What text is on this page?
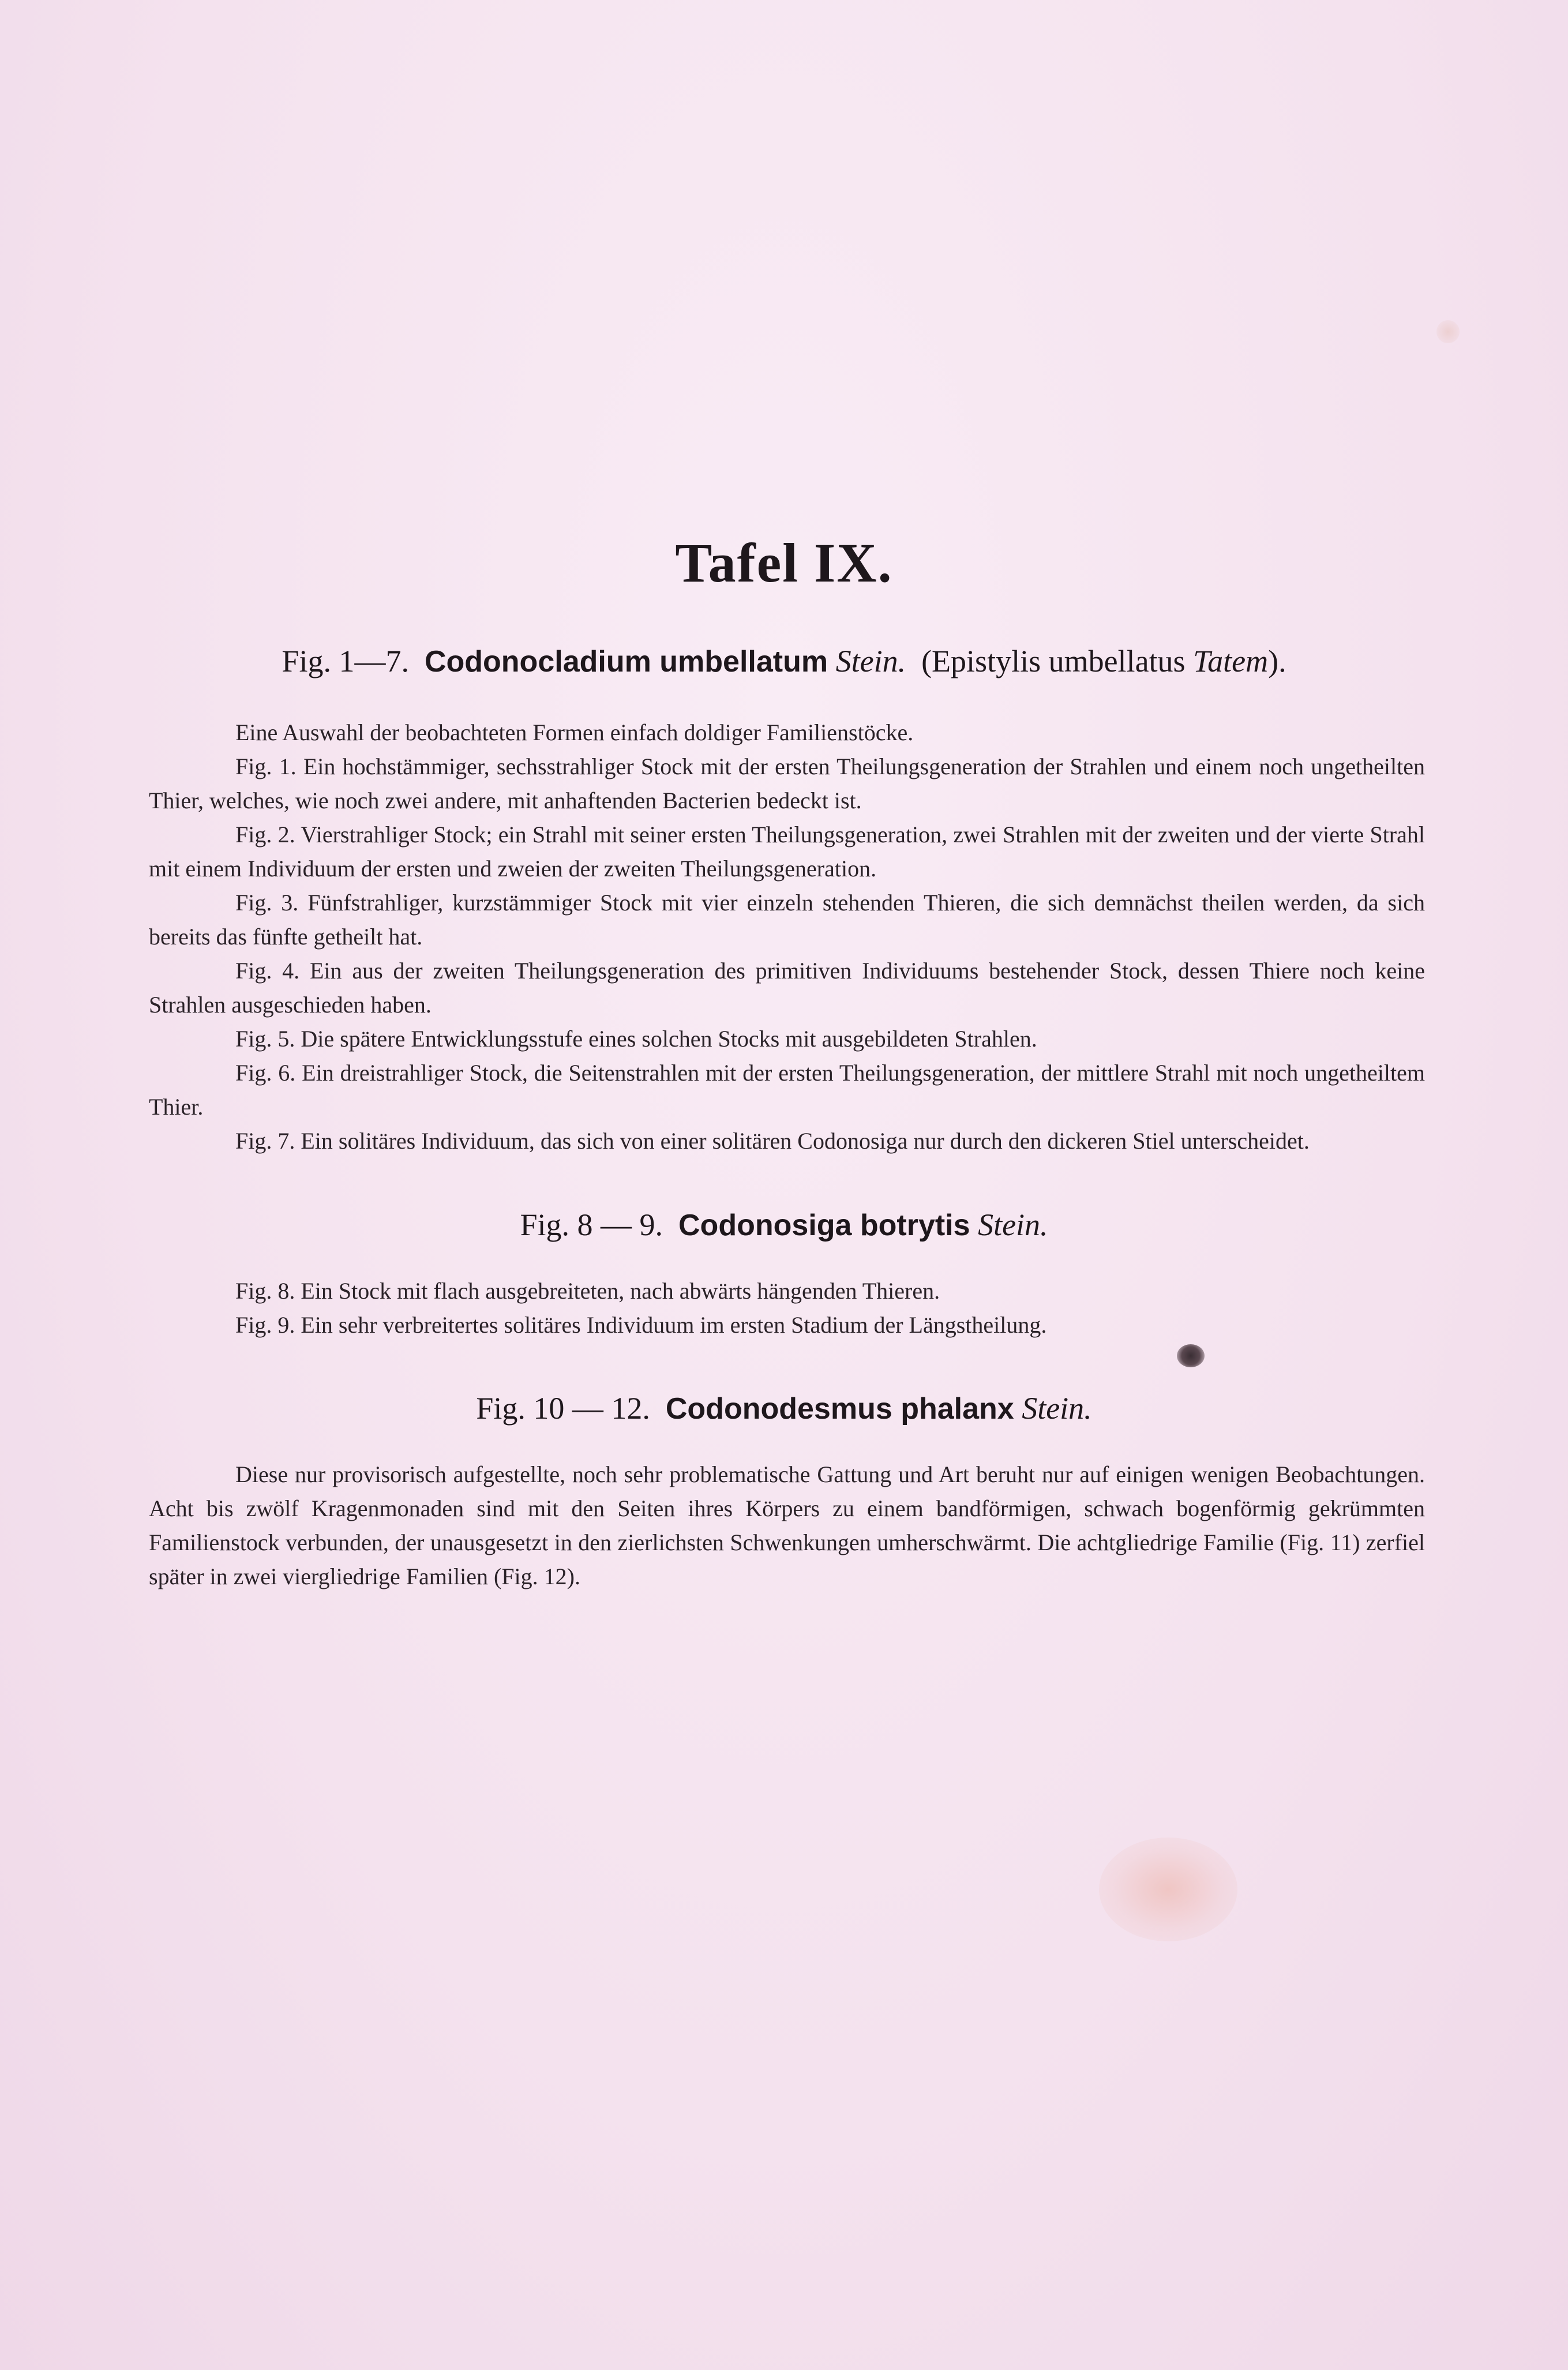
Tafel IX.
Fig. 1—7. Codonocladium umbellatum Stein. (Epistylis umbellatus Tatem).

Eine Auswahl der beobachteten Formen einfach doldiger Familienstöcke.

Fig. 1. Ein hochstämmiger, sechsstrahliger Stock mit der ersten Theilungsgeneration der Strahlen und einem noch ungetheilten Thier, welches, wie noch zwei andere, mit anhaftenden Bacterien bedeckt ist.

Fig. 2. Vierstrahliger Stock; ein Strahl mit seiner ersten Theilungsgeneration, zwei Strahlen mit der zweiten und der vierte Strahl mit einem Individuum der ersten und zweien der zweiten Theilungsgeneration.

Fig. 3. Fünfstrahliger, kurzstämmiger Stock mit vier einzeln stehenden Thieren, die sich demnächst theilen werden, da sich bereits das fünfte getheilt hat.

Fig. 4. Ein aus der zweiten Theilungsgeneration des primitiven Individuums bestehender Stock, dessen Thiere noch keine Strahlen ausgeschieden haben.

Fig. 5. Die spätere Entwicklungsstufe eines solchen Stocks mit ausgebildeten Strahlen.

Fig. 6. Ein dreistrahliger Stock, die Seitenstrahlen mit der ersten Theilungsgeneration, der mittlere Strahl mit noch ungetheiltem Thier.

Fig. 7. Ein solitäres Individuum, das sich von einer solitären Codonosiga nur durch den dickeren Stiel unterscheidet.

Fig. 8 — 9. Codonosiga botrytis Stein.

Fig. 8. Ein Stock mit flach ausgebreiteten, nach abwärts hängenden Thieren.

Fig. 9. Ein sehr verbreitertes solitäres Individuum im ersten Stadium der Längstheilung.

Fig. 10 — 12. Codonodesmus phalanx Stein.

Diese nur provisorisch aufgestellte, noch sehr problematische Gattung und Art beruht nur auf einigen wenigen Beobachtungen. Acht bis zwölf Kragenmonaden sind mit den Seiten ihres Körpers zu einem bandförmigen, schwach bogenförmig gekrümmten Familienstock verbunden, der unausgesetzt in den zierlichsten Schwenkungen umherschwärmt. Die achtgliedrige Familie (Fig. 11) zerfiel später in zwei viergliedrige Familien (Fig. 12).
